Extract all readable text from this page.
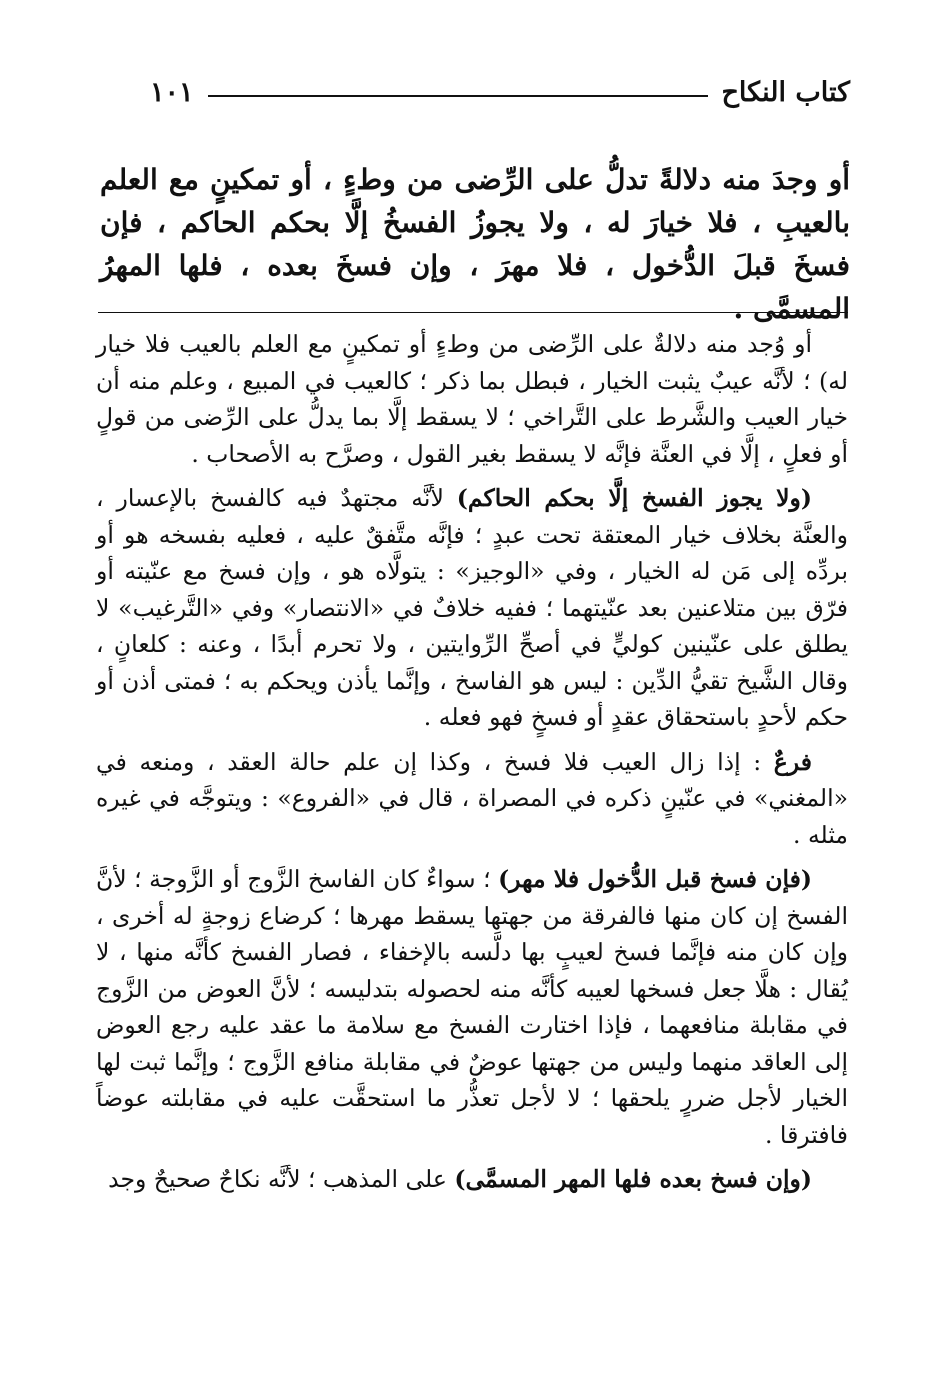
كتاب النكاح
١٠١
أو وجدَ منه دلالةً تدلُّ على الرِّضى من وطءٍ ، أو تمكينٍ مع العلم بالعيبِ ، فلا خيارَ له ، ولا يجوزُ الفسخُ إلَّا بحكم الحاكم ، فإن فسخَ قبلَ الدُّخول ، فلا مهرَ ، وإن فسخَ بعده ، فلها المهرُ المسمَّى .

أو وُجد منه دلالةٌ على الرِّضى من وطءٍ أو تمكينٍ مع العلم بالعيب فلا خيار له) ؛ لأنَّه عيبٌ يثبت الخيار ، فبطل بما ذكر ؛ كالعيب في المبيع ، وعلم منه أن خيار العيب والشَّرط على التَّراخي ؛ لا يسقط إلَّا بما يدلُّ على الرِّضى من قولٍ أو فعلٍ ، إلَّا في العنَّة فإنَّه لا يسقط بغير القول ، وصرَّح به الأصحاب .

(ولا يجوز الفسخ إلَّا بحكم الحاكم) لأنَّه مجتهدٌ فيه كالفسخ بالإعسار ، والعنَّة بخلاف خيار المعتقة تحت عبدٍ ؛ فإنَّه متَّفقٌ عليه ، فعليه بفسخه هو أو بردِّه إلى مَن له الخيار ، وفي «الوجيز» : يتولَّاه هو ، وإن فسخ مع عنّيته أو فرّق بين متلاعنين بعد عنّيتهما ؛ ففيه خلافٌ في «الانتصار» وفي «التَّرغيب» لا يطلق على عنّينين كوليٍّ في أصحِّ الرِّوايتين ، ولا تحرم أبدًا ، وعنه : كلعانٍ ، وقال الشَّيخ تقيُّ الدِّين : ليس هو الفاسخ ، وإنَّما يأذن ويحكم به ؛ فمتى أذن أو حكم لأحدٍ باستحقاق عقدٍ أو فسخٍ فهو فعله .

فرعٌ : إذا زال العيب فلا فسخ ، وكذا إن علم حالة العقد ، ومنعه في «المغني» في عنّينٍ ذكره في المصراة ، قال في «الفروع» : ويتوجَّه في غيره مثله .

(فإن فسخ قبل الدُّخول فلا مهر) ؛ سواءٌ كان الفاسخ الزَّوج أو الزَّوجة ؛ لأنَّ الفسخ إن كان منها فالفرقة من جهتها يسقط مهرها ؛ كرضاع زوجةٍ له أخرى ، وإن كان منه فإنَّما فسخ لعيبٍ بها دلَّسه بالإخفاء ، فصار الفسخ كأنَّه منها ، لا يُقال : هلَّا جعل فسخها لعيبه كأنَّه منه لحصوله بتدليسه ؛ لأنَّ العوض من الزَّوج في مقابلة منافعهما ، فإذا اختارت الفسخ مع سلامة ما عقد عليه رجع العوض إلى العاقد منهما وليس من جهتها عوضٌ في مقابلة منافع الزَّوج ؛ وإنَّما ثبت لها الخيار لأجل ضررٍ يلحقها ؛ لا لأجل تعذُّر ما استحقَّت عليه في مقابلته عوضاً فافترقا .

(وإن فسخ بعده فلها المهر المسمَّى) على المذهب ؛ لأنَّه نكاحٌ صحيحٌ وجد
